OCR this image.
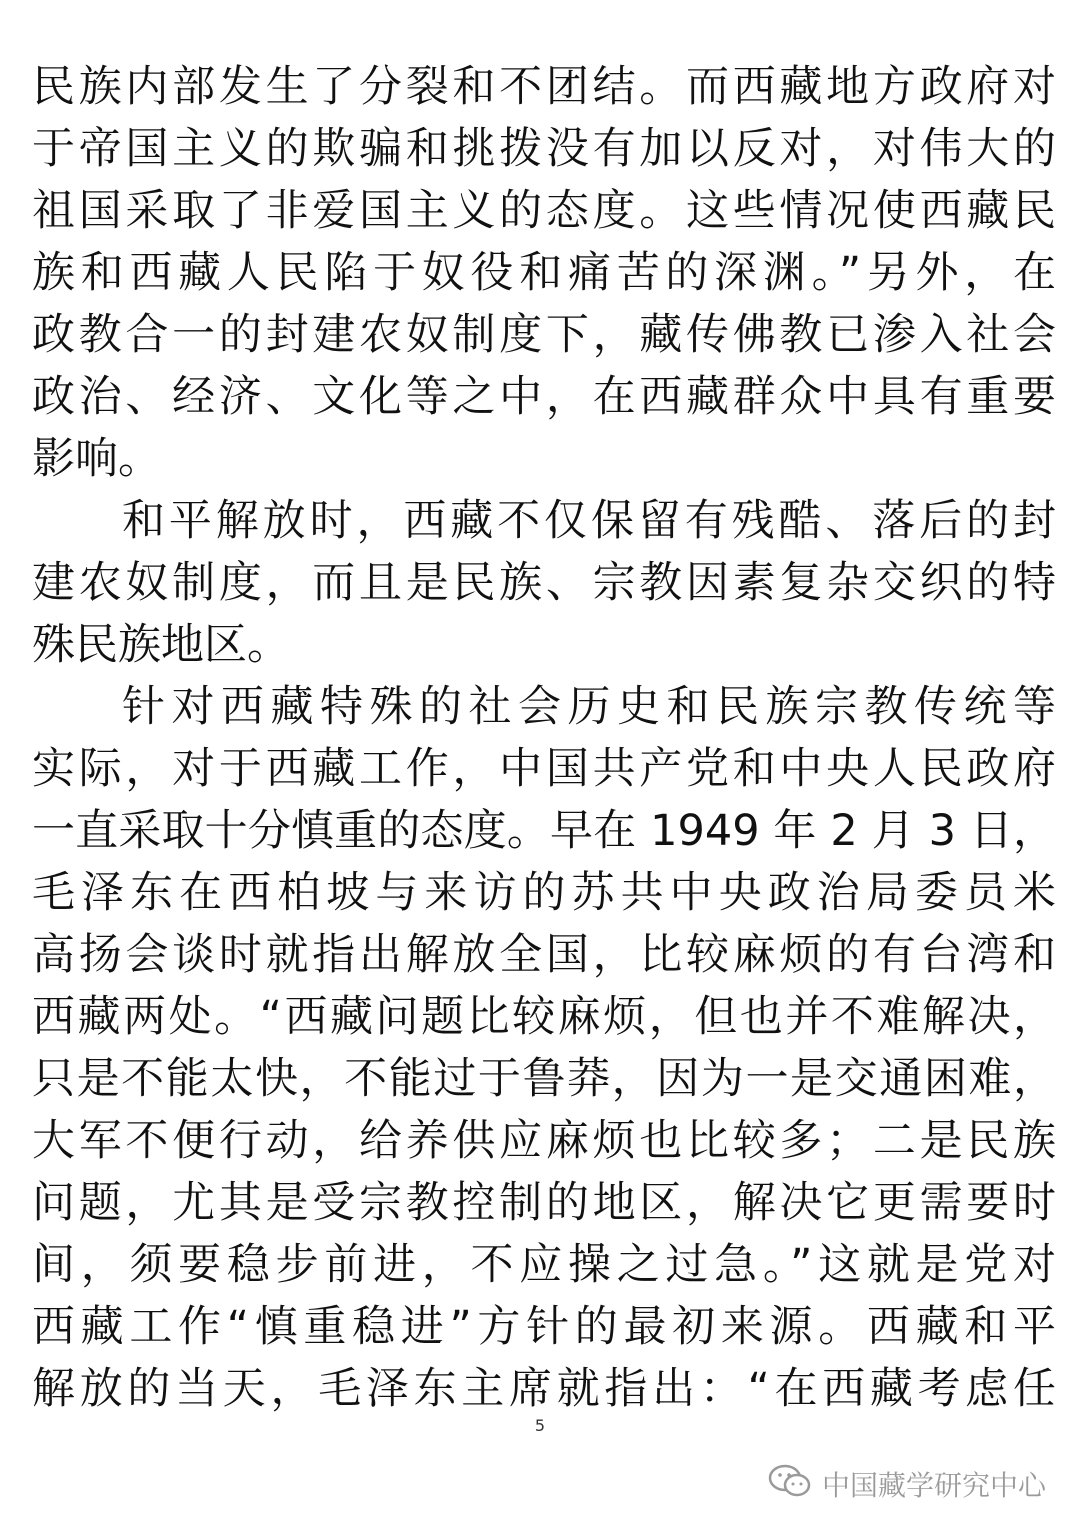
民族内部发生了分裂和不团结。而西藏地方政府对
于帝国主义的欺骗和挑拨没有加以反对，对伟大的
祖国采取了非爱国主义的态度。这些情况使西藏民
族和西藏人民陷于奴役和痛苦的深渊。”另外，在
政教合一的封建农奴制度下，藏传佛教已渗入社会
政治、经济、文化等之中，在西藏群众中具有重要
影响。
和平解放时，西藏不仅保留有残酷、落后的封
建农奴制度，而且是民族、宗教因素复杂交织的特
殊民族地区。
针对西藏特殊的社会历史和民族宗教传统等
实际，对于西藏工作，中国共产党和中央人民政府
一直采取十分慎重的态度。早在 1949 年 2 月 3 日，
毛泽东在西柏坡与来访的苏共中央政治局委员米
高扬会谈时就指出解放全国，比较麻烦的有台湾和
西藏两处。“西藏问题比较麻烦，但也并不难解决，
只是不能太快，不能过于鲁莽，因为一是交通困难，
大军不便行动，给养供应麻烦也比较多；二是民族
问题，尤其是受宗教控制的地区，解决它更需要时
间，须要稳步前进，不应操之过急。”这就是党对
西藏工作“慎重稳进”方针的最初来源。西藏和平
解放的当天，毛泽东主席就指出：“在西藏考虑任
5
中国藏学研究中心
